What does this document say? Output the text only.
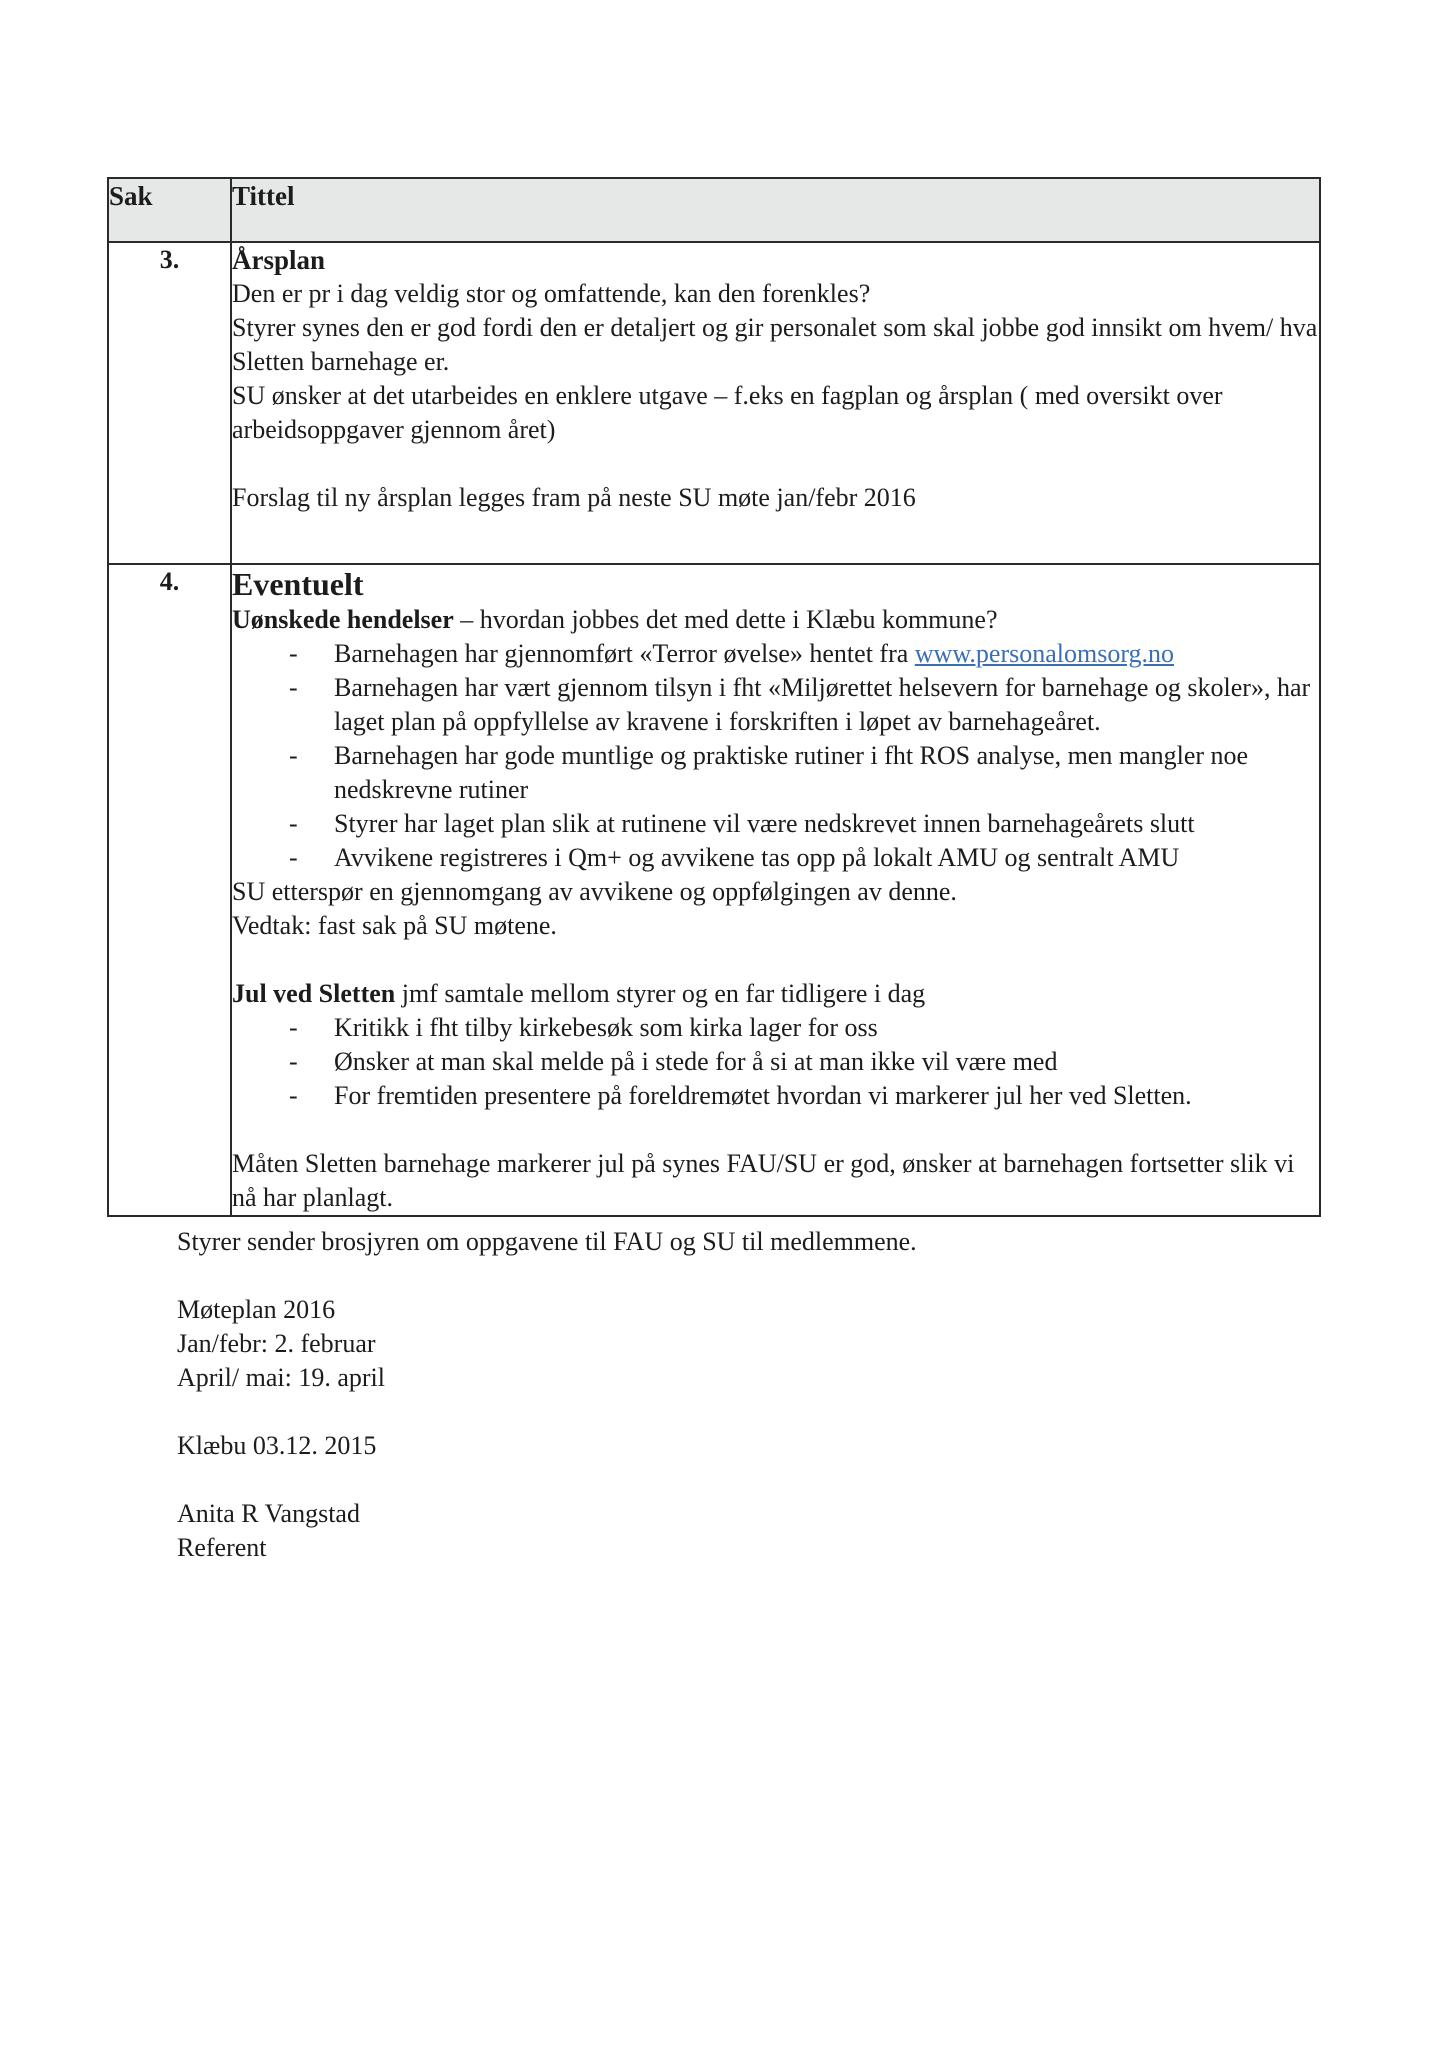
Sak	Tittel
3.	Årsplan

Den er pr i dag veldig stor og omfattende, kan den forenkles?

Styrer synes den er god fordi den er detaljert og gir personalet som skal jobbe god innsikt om hvem/ hva Sletten barnehage er.

SU ønsker at det utarbeides en enklere utgave – f.eks en fagplan og årsplan ( med oversikt over arbeidsoppgaver gjennom året)

Forslag til ny årsplan legges fram på neste SU møte jan/febr 2016

4.	Eventuelt

Uønskede hendelser – hvordan jobbes det med dette i Klæbu kommune?

- Barnehagen har gjennomført «Terror øvelse» hentet fra www.personalomsorg.no
- Barnehagen har vært gjennom tilsyn i fht «Miljørettet helsevern for barnehage og skoler», har laget plan på oppfyllelse av kravene i forskriften i løpet av barnehageåret.
- Barnehagen har gode muntlige og praktiske rutiner i fht ROS analyse, men mangler noe nedskrevne rutiner
- Styrer har laget plan slik at rutinene vil være nedskrevet innen barnehageårets slutt
- Avvikene registreres i Qm+ og avvikene tas opp på lokalt AMU og sentralt AMU

SU etterspør en gjennomgang av avvikene og oppfølgingen av denne.

Vedtak: fast sak på SU møtene.

Jul ved Sletten jmf samtale mellom styrer og en far tidligere i dag

- Kritikk i fht tilby kirkebesøk som kirka lager for oss
- Ønsker at man skal melde på i stede for å si at man ikke vil være med
- For fremtiden presentere på foreldremøtet hvordan vi markerer jul her ved Sletten.

Måten Sletten barnehage markerer jul på synes FAU/SU er god, ønsker at barnehagen fortsetter slik vi nå har planlagt.

Styrer sender brosjyren om oppgavene til FAU og SU til medlemmene.

Møteplan 2016

Jan/febr: 2. februar

April/ mai: 19. april

Klæbu 03.12. 2015

Anita R Vangstad

Referent
